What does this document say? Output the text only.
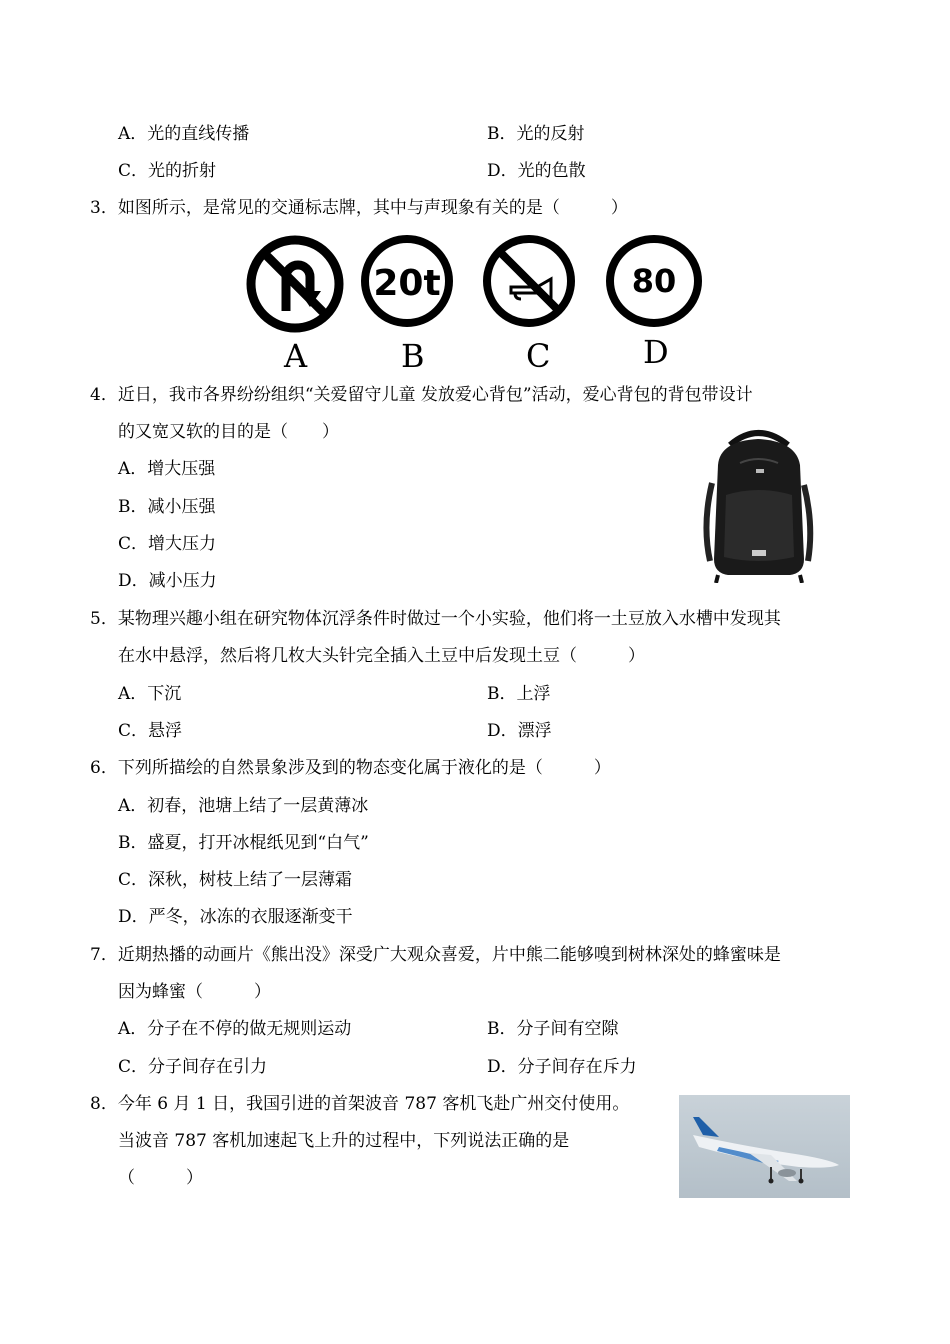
A．光的直线传播	B．光的反射
C．光的折射	D．光的色散
3．如图所示，是常见的交通标志牌，其中与声现象有关的是（　　　）
A
20t
B	C
80
D
4．近日，我市各界纷纷组织“关爱留守儿童 发放爱心背包”活动，爱心背包的背包带设计
的又宽又软的目的是（　　）
A．增大压强
B．减小压强
C．增大压力
D．减小压力
5．某物理兴趣小组在研究物体沉浮条件时做过一个小实验，他们将一土豆放入水槽中发现其
在水中悬浮，然后将几枚大头针完全插入土豆中后发现土豆（　　　）
A．下沉	B．上浮
C．悬浮	D．漂浮
6．下列所描绘的自然景象涉及到的物态变化属于液化的是（　　　）
A．初春，池塘上结了一层黄薄冰
B．盛夏，打开冰棍纸见到“白气”
C．深秋，树枝上结了一层薄霜
D．严冬，冰冻的衣服逐渐变干
7．近期热播的动画片《熊出没》深受广大观众喜爱，片中熊二能够嗅到树林深处的蜂蜜味是
因为蜂蜜（　　　）
A．分子在不停的做无规则运动	B．分子间有空隙
C．分子间存在引力	D．分子间存在斥力
8．今年 6 月 1 日，我国引进的首架波音 787 客机飞赴广州交付使用。
当波音 787 客机加速起飞上升的过程中，下列说法正确的是
（　　　）
